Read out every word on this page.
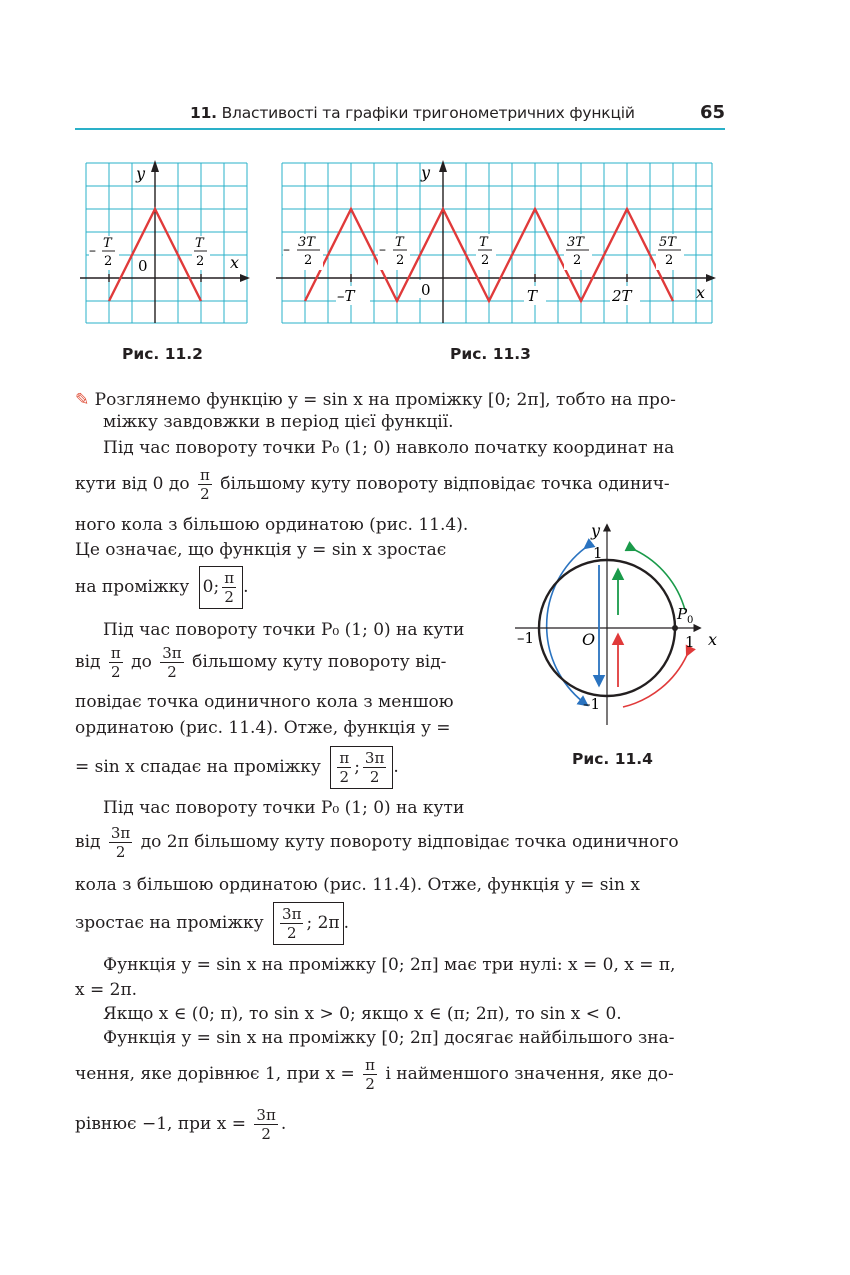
11. Властивості та графіки тригонометричних функцій	65
0
y
x
– T
2
T
2
Рис. 11.2
y
x
0
–T	T	2T
– 3T
2
– T
2
T
2
3T
2
5T
2
Рис. 11.3
✎ Розглянемо функцію y = sin x на проміжку [0; 2π], тобто на про-
міжку завдовжки в період цієї функції.
Під час повороту точки P₀ (1; 0) навколо початку координат на
кути від 0 до $\frac{\pi}{2}$ більшому куту повороту відповідає точка одинич-
ного кола з більшою ординатою (рис. 11.4).
Це означає, що функція y = sin x зростає
на проміжку 0; $\frac{\pi}{2}$ .
Під час повороту точки P₀ (1; 0) на кути
від $\frac{\pi}{2}$ до $\frac{3\pi}{2}$ більшому куту повороту від-
повідає точка одиничного кола з меншою
ординатою (рис. 11.4). Отже, функція y =
= sin x спадає на проміжку $\frac{\pi}{2}$ ; $\frac{3\pi}{2}$ .
Під час повороту точки P₀ (1; 0) на кути
від $\frac{3\pi}{2}$ до 2π більшому куту повороту відповідає точка одиничного
кола з більшою ординатою (рис. 11.4). Отже, функція y = sin x
зростає на проміжку $\frac{3\pi}{2}$ ; 2π .
Функція y = sin x на проміжку [0; 2π] має три нулі: x = 0, x = π,
x = 2π.
Якщо x ∈ (0; π), то sin x > 0; якщо x ∈ (π; 2π), то sin x < 0.
Функція y = sin x на проміжку [0; 2π] досягає найбільшого зна-
чення, яке дорівнює 1, при $x = \frac{\pi}{2}$ і найменшого значення, яке до-
рівнює −1, при $x = \frac{3\pi}{2}$ .
y
x
1
1
–1
–1
O
P 0
Рис. 11.4
